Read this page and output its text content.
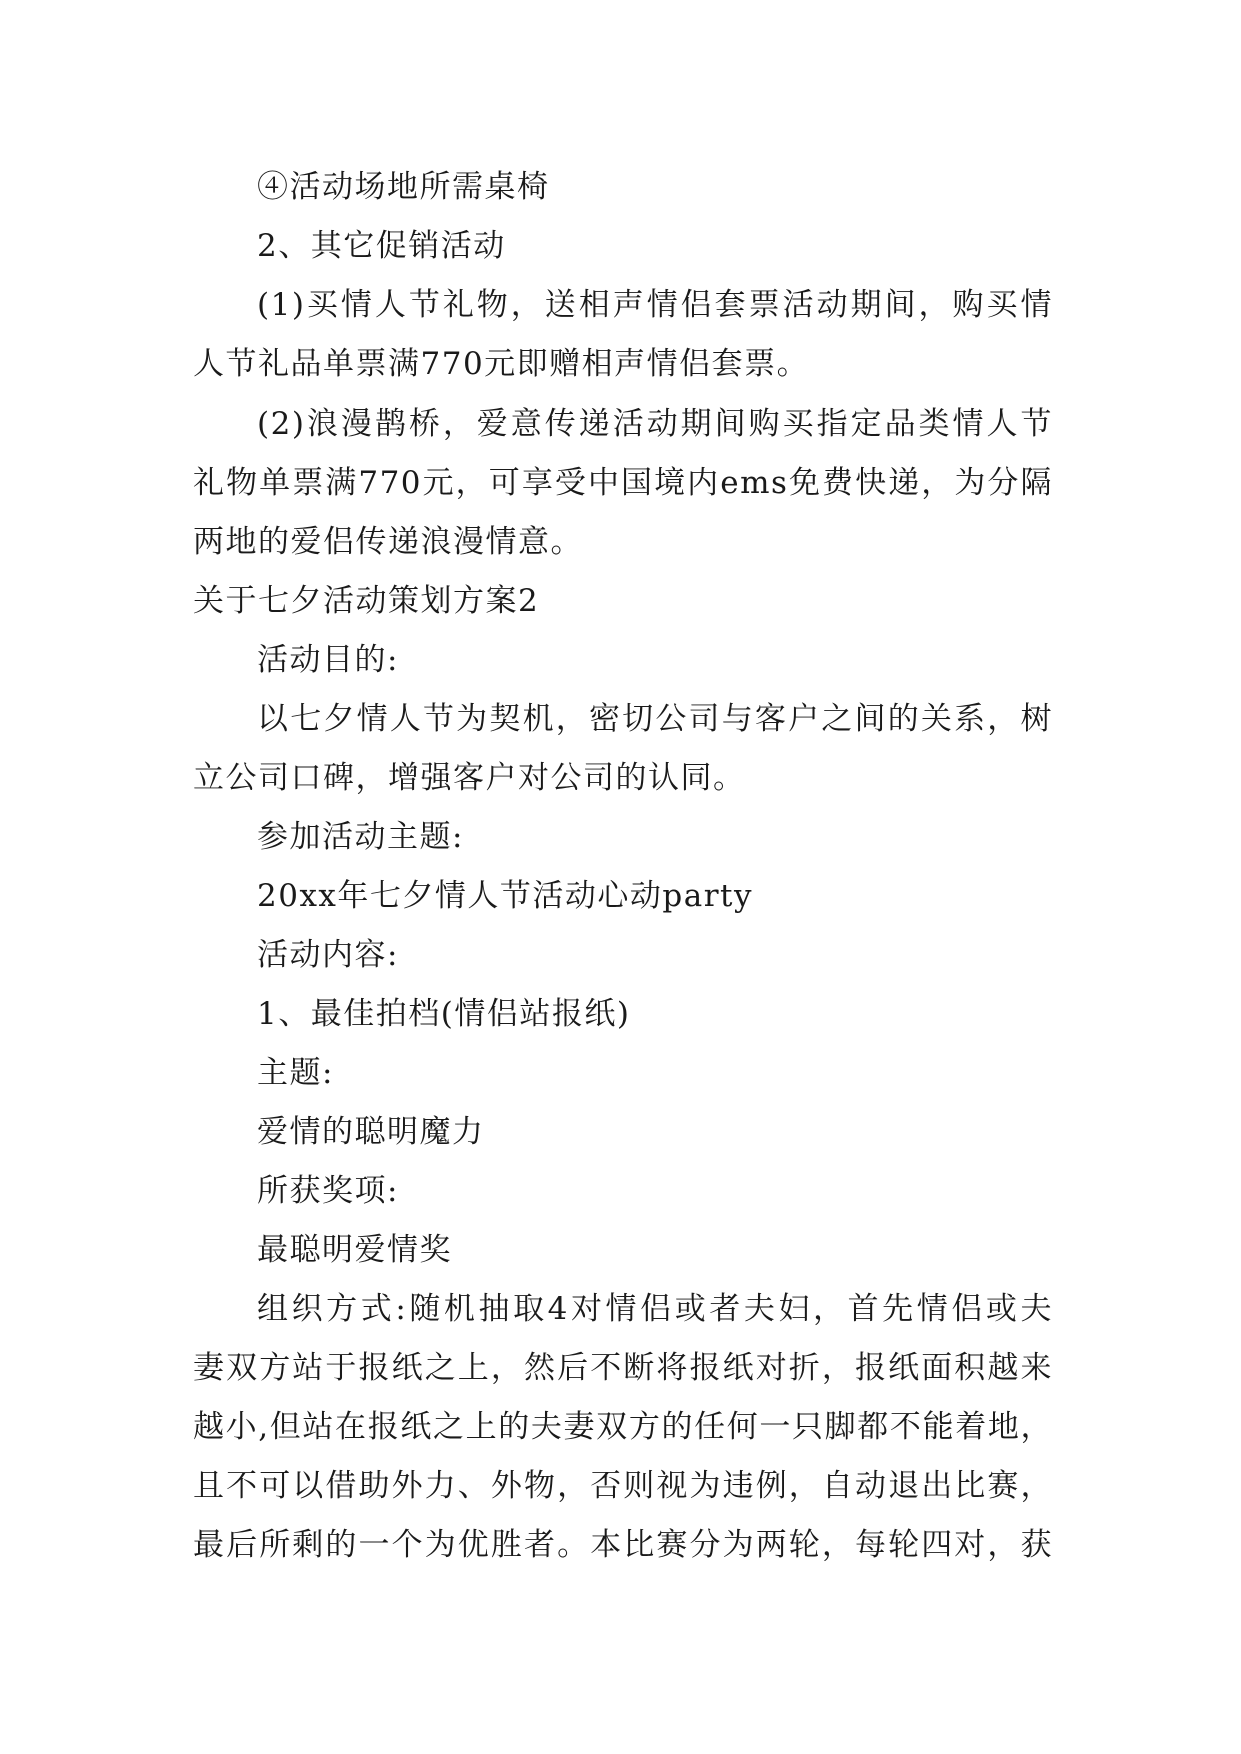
④活动场地所需桌椅
2、其它促销活动
(1)买情人节礼物，送相声情侣套票活动期间，购买情
人节礼品单票满770元即赠相声情侣套票。
(2)浪漫鹊桥，爱意传递活动期间购买指定品类情人节
礼物单票满770元，可享受中国境内ems免费快递，为分隔
两地的爱侣传递浪漫情意。
关于七夕活动策划方案2
活动目的:
以七夕情人节为契机，密切公司与客户之间的关系，树
立公司口碑，增强客户对公司的认同。
参加活动主题:
20xx年七夕情人节活动心动party
活动内容:
1、最佳拍档(情侣站报纸)
主题:
爱情的聪明魔力
所获奖项:
最聪明爱情奖
组织方式:随机抽取4对情侣或者夫妇，首先情侣或夫
妻双方站于报纸之上，然后不断将报纸对折，报纸面积越来
越小,但站在报纸之上的夫妻双方的任何一只脚都不能着地，
且不可以借助外力、外物，否则视为违例，自动退出比赛，
最后所剩的一个为优胜者。本比赛分为两轮，每轮四对，获
